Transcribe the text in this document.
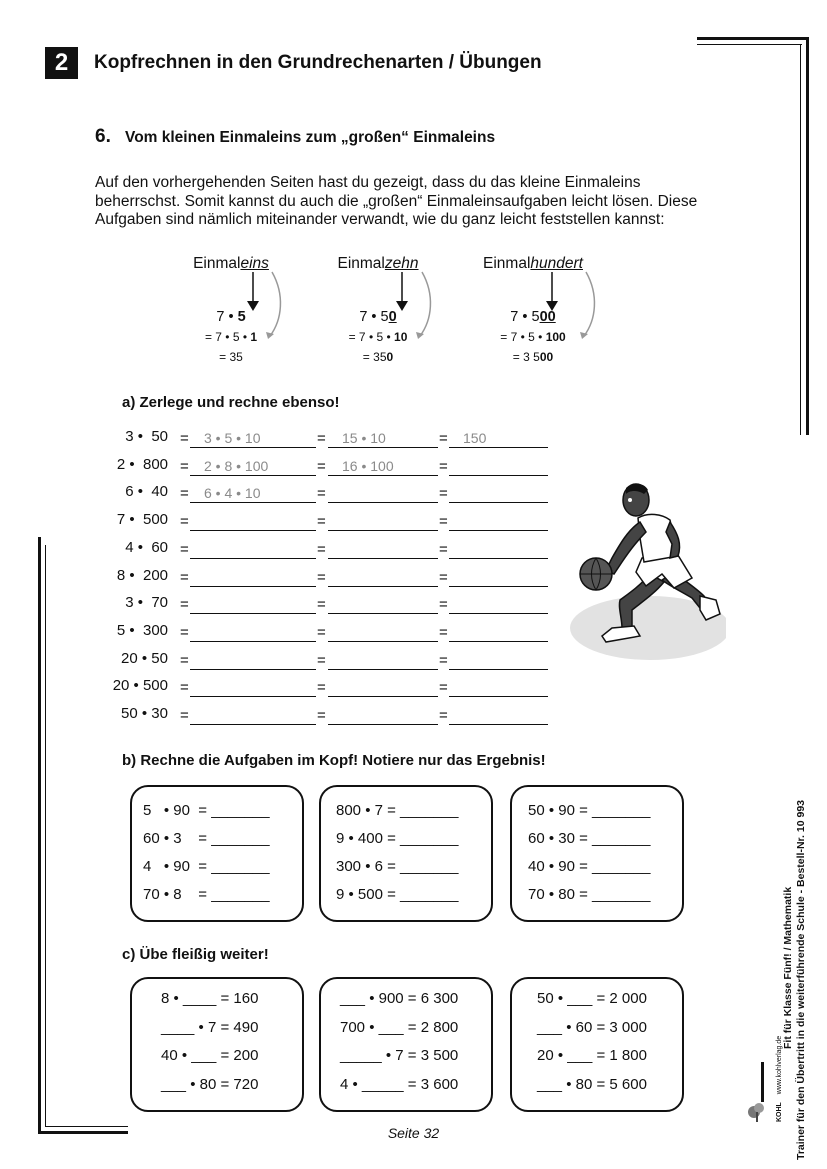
2	Kopfrechnen in den Grundrechenarten / Übungen
6. Vom kleinen Einmaleins zum „großen“ Einmaleins
Auf den vorhergehenden Seiten hast du gezeigt, dass du das kleine Einmaleins beherrschst. Somit kannst du auch die „großen“ Einmaleinsaufgaben leicht lösen. Diese Aufgaben sind nämlich miteinander verwandt, wie du ganz leicht feststellen kannst:
Einmaleins
7 • 5
= 7 • 5 • 1
= 35
Einmalzehn
7 • 50
= 7 • 5 • 10
= 350
Einmalhundert
7 • 500
= 7 • 5 • 100
= 3 500
a) Zerlege und rechne ebenso!
3 •  50 =	3 • 5 • 10	=	15 • 10	=	150
2 •  800 =	2 • 8 • 100	=	16 • 100	=
6 •  40 =	6 • 4 • 10	=	=
7 •  500 =	=	=
4 •  60 =	=	=
8 •  200 =	=	=
3 •  70 =	=	=
5 •  300 =	=	=
20 • 50 =	=	=
20 • 500 =	=	=
50 • 30 =	=	=
b) Rechne die Aufgaben im Kopf! Notiere nur das Ergebnis!
5   • 90  = _______
60 • 3    = _______
4   • 90  = _______
70 • 8    = _______
800 • 7 = _______
9 • 400 = _______
300 • 6 = _______
9 • 500 = _______
50 • 90 = _______
60 • 30 = _______
40 • 90 = _______
70 • 80 = _______
c) Übe fleißig weiter!
8 • ____ = 160
____ • 7 = 490
40 • ___ = 200
___ • 80 = 720
___ • 900 = 6 300
700 • ___ = 2 800
_____ • 7 = 3 500
4 • _____ = 3 600
50 • ___ = 2 000
___ • 60 = 3 000
20 • ___ = 1 800
___ • 80 = 5 600
Seite 32
Fit für Klasse Fünf! / Mathematik Trainer für den Übertritt in die weiterführende Schule - Bestell-Nr. 10 993
KOHL www.kohlverlag.de
